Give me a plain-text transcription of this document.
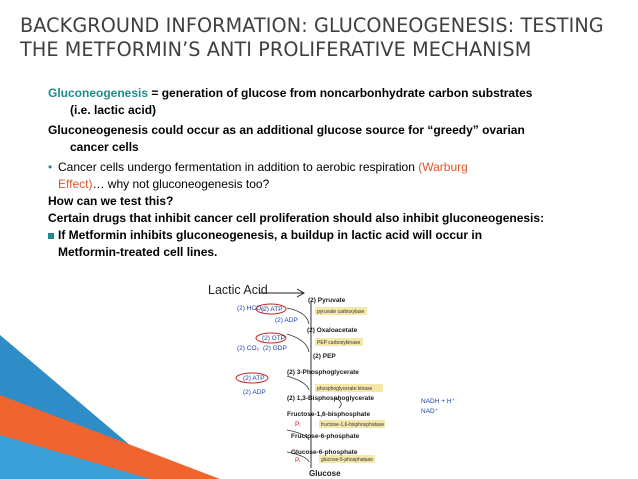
BACKGROUND INFORMATION: GLUCONEOGENESIS: TESTING
THE METFORMIN’S ANTI PROLIFERATIVE MECHANISM
Gluconeogenesis = generation of glucose from noncarbonhydrate carbon substrates
(i.e. lactic acid)
Gluconeogenesis could occur as an additional glucose source for “greedy” ovarian
cancer cells
• Cancer cells undergo fermentation in addition to aerobic respiration (Warburg
Effect)… why not gluconeogenesis too?
How can we test this?
Certain drugs that inhibit cancer cell proliferation should also inhibit gluconeogenesis:
If Metformin inhibits gluconeogenesis, a buildup in lactic acid will occur in
Metformin-treated cell lines.
Lactic Acid
(2) Pyruvate
(2) HCO₃⁻
(2) ATP
(2) ADP
pyruvate carboxylase
(2) Oxaloacetate
(2) GTP
(2) CO₂ (2) GDP
PEP carboxykinase
(2) PEP
(2) 3-Phosphoglycerate
(2) ATP
(2) ADP	phosphoglycerate kinase
(2) 1,3-Bisphosphoglycerate	NADH + H⁺
NAD⁺
Fructose-1,6-bisphosphate
Pᵢ	fructose-1,6-bisphosphatase
Fructose-6-phosphate
Glucose-6-phosphate
Pᵢ	glucose-6-phosphatase
Glucose
